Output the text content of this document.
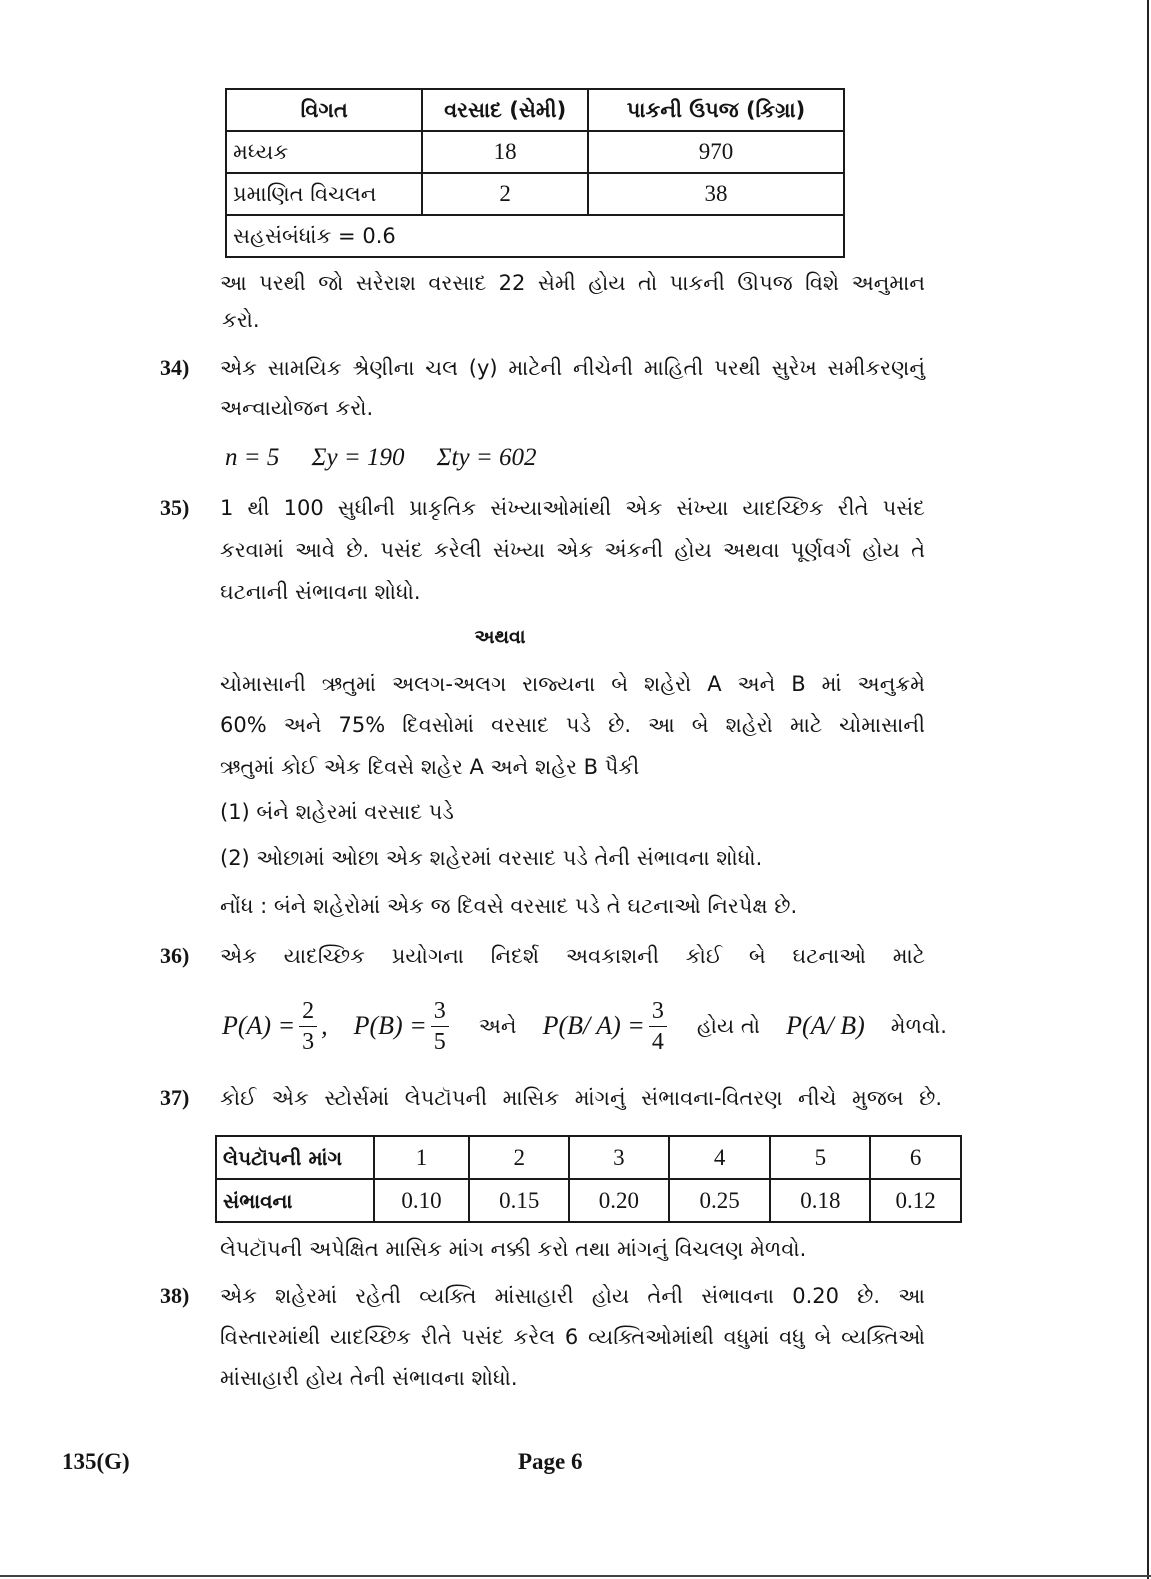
વિગત	વરસાદ (સેમી)	પાકની ઉપજ (કિગ્રા)
મધ્યક	18	970
પ્રમાણિત વિચલન	2	38
સહસંબંધાંક = 0.6		
આ પરથી જો સરેરાશ વરસાદ 22 સેમી હોય તો પાકની ઊપજ વિશે અનુમાન
કરો.
34) એક સામયિક શ્રેણીના ચલ (y) માટેની નીચેની માહિતી પરથી સુરેખ સમીકરણનું
અન્વાયોજન કરો.
n = 5 Σy = 190 Σty = 602
35) 1 થી 100 સુધીની પ્રાકૃતિક સંખ્યાઓમાંથી એક સંખ્યા યાદચ્છિક રીતે પસંદ
કરવામાં આવે છે. પસંદ કરેલી સંખ્યા એક અંકની હોય અથવા પૂર્ણવર્ગ હોય તે
ઘટનાની સંભાવના શોધો.
અથવા
ચોમાસાની ઋતુમાં અલગ-અલગ રાજ્યના બે શહેરો A અને B માં અનુક્રમે
60% અને 75% દિવસોમાં વરસાદ પડે છે. આ બે શહેરો માટે ચોમાસાની
ઋતુમાં કોઈ એક દિવસે શહેર A અને શહેર B પૈકી
(1) બંને શહેરમાં વરસાદ પડે
(2) ઓછામાં ઓછા એક શહેરમાં વરસાદ પડે તેની સંભાવના શોધો.
નોંધ : બંને શહેરોમાં એક જ દિવસે વરસાદ પડે તે ઘટનાઓ નિરપેક્ષ છે.
36) એક યાદચ્છિક પ્રયોગના નિદર્શ અવકાશની કોઈ બે ઘટનાઓ માટે
$P(A) = \frac{2}{3}$ , $P(B) = \frac{3}{5}$ અને P(B/ $A) = \frac{3}{4}$ હોય તો P(A/ B) મેળવો.
37) કોઈ એક સ્ટોર્સમાં લેપટૉપની માસિક માંગનું સંભાવના-વિતરણ નીચે મુજબ છે.
લેપટૉપની માંગ	1	2	3	4	5	6
સંભાવના	0.10	0.15	0.20	0.25	0.18	0.12
લેપટૉપની અપેક્ષિત માસિક માંગ નક્કી કરો તથા માંગનું વિચલણ મેળવો.
38) એક શહેરમાં રહેતી વ્યક્તિ માંસાહારી હોય તેની સંભાવના 0.20 છે. આ
વિસ્તારમાંથી યાદચ્છિક રીતે પસંદ કરેલ 6 વ્યક્તિઓમાંથી વધુમાં વધુ બે વ્યક્તિઓ
માંસાહારી હોય તેની સંભાવના શોધો.
135(G)	Page 6
